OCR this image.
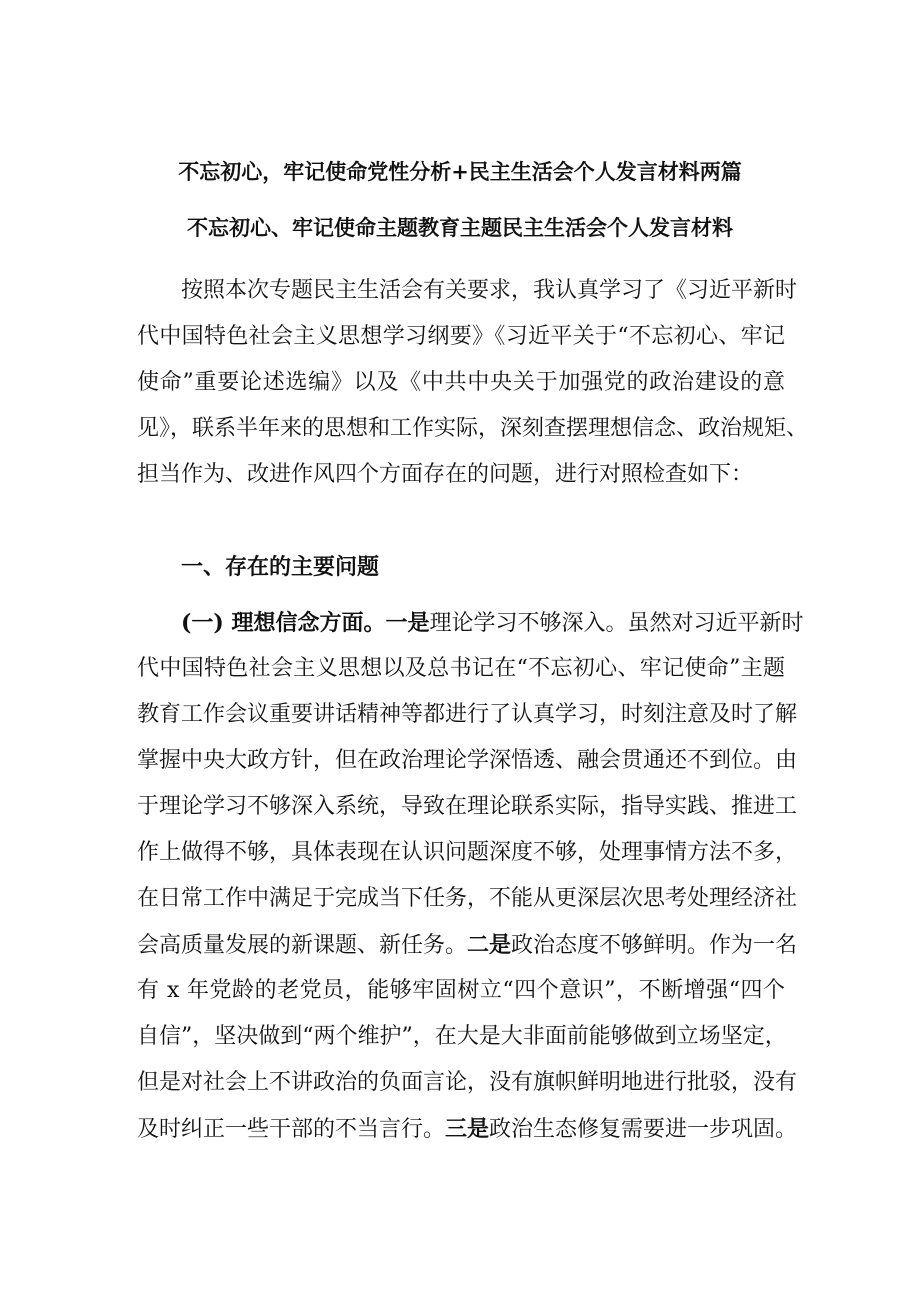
不忘初心，牢记使命党性分析+民主生活会个人发言材料两篇
不忘初心、牢记使命主题教育主题民主生活会个人发言材料
按照本次专题民主生活会有关要求，我认真学习了《习近平新时
代中国特色社会主义思想学习纲要》《习近平关于“不忘初心、牢记
使命”重要论述选编》以及《中共中央关于加强党的政治建设的意
见》，联系半年来的思想和工作实际，深刻查摆理想信念、政治规矩、
担当作为、改进作风四个方面存在的问题，进行对照检查如下：
一、存在的主要问题
(一) 理想信念方面。一是理论学习不够深入。虽然对习近平新时
代中国特色社会主义思想以及总书记在“不忘初心、牢记使命”主题
教育工作会议重要讲话精神等都进行了认真学习，时刻注意及时了解
掌握中央大政方针，但在政治理论学深悟透、融会贯通还不到位。由
于理论学习不够深入系统，导致在理论联系实际，指导实践、推进工
作上做得不够，具体表现在认识问题深度不够，处理事情方法不多，
在日常工作中满足于完成当下任务，不能从更深层次思考处理经济社
会高质量发展的新课题、新任务。二是政治态度不够鲜明。作为一名
有 x 年党龄的老党员，能够牢固树立“四个意识”，不断增强“四个
自信”，坚决做到“两个维护”，在大是大非面前能够做到立场坚定，
但是对社会上不讲政治的负面言论，没有旗帜鲜明地进行批驳，没有
及时纠正一些干部的不当言行。三是政治生态修复需要进一步巩固。
